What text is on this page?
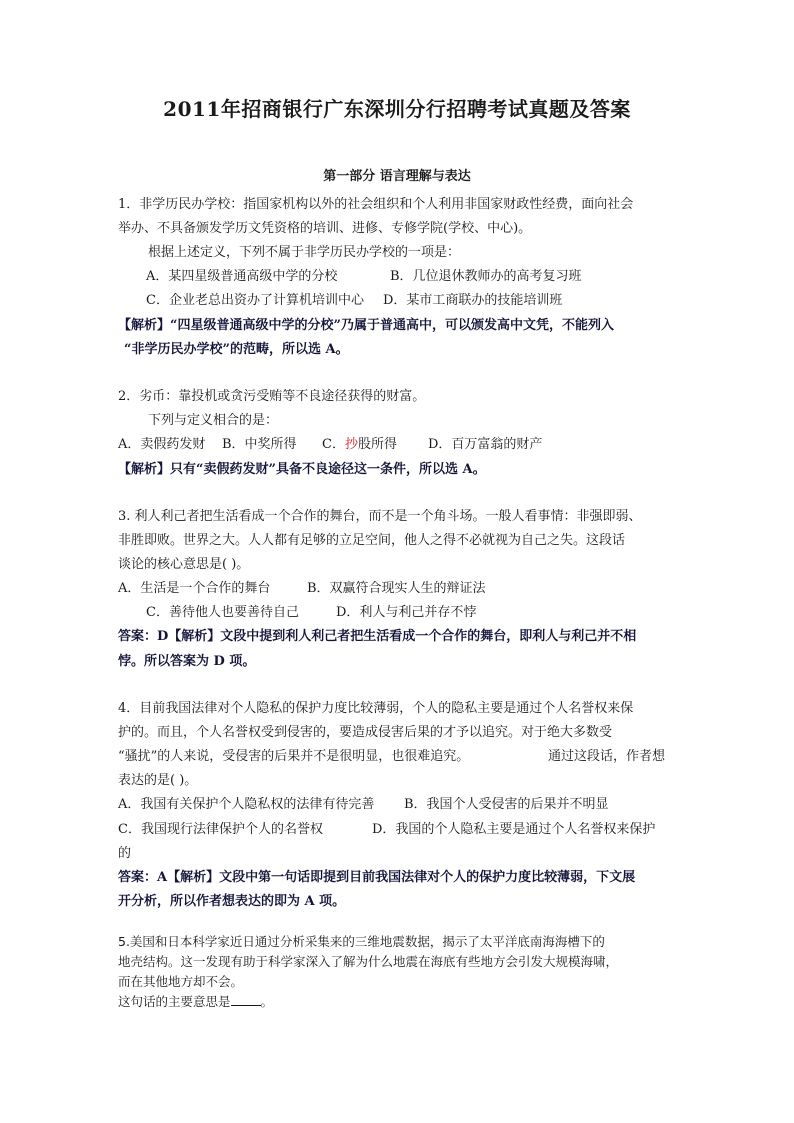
2011年招商银行广东深圳分行招聘考试真题及答案
第一部分 语言理解与表达
1．非学历民办学校：指国家机构以外的社会组织和个人利用非国家财政性经费，面向社会
举办、不具备颁发学历文凭资格的培训、进修、专修学院(学校、中心)。
根据上述定义，下列不属于非学历民办学校的一项是：
A．某四星级普通高级中学的分校	B．几位退休教师办的高考复习班
C．企业老总出资办了计算机培训中心 D．某市工商联办的技能培训班
【解析】“四星级普通高级中学的分校”乃属于普通高中，可以颁发高中文凭，不能列入
“非学历民办学校”的范畴，所以选 A。
2．劣币：靠投机或贪污受贿等不良途径获得的财富。
下列与定义相合的是：
A．卖假药发财 B．中奖所得 C．抄股所得 D．百万富翁的财产
【解析】只有“卖假药发财”具备不良途径这一条件，所以选 A。
3. 利人利己者把生活看成一个合作的舞台，而不是一个角斗场。一般人看事情：非强即弱、
非胜即败。世界之大。人人都有足够的立足空间，他人之得不必就视为自己之失。这段话
谈论的核心意思是( )。
A．生活是一个合作的舞台	B．双赢符合现实人生的辩证法
C．善待他人也要善待自己	D．利人与利己并存不悖
答案：D【解析】文段中提到利人利己者把生活看成一个合作的舞台，即利人与利己并不相
悖。所以答案为 D 项。
4．目前我国法律对个人隐私的保护力度比较薄弱，个人的隐私主要是通过个人名誉权来保
护的。而且，个人名誉权受到侵害的，要造成侵害后果的才予以追究。对于绝大多数受
“骚扰”的人来说，受侵害的后果并不是很明显，也很难追究。	通过这段话，作者想
表达的是( )。
A．我国有关保护个人隐私权的法律有待完善 B．我国个人受侵害的后果并不明显
C．我国现行法律保护个人的名誉权	D．我国的个人隐私主要是通过个人名誉权来保护
的
答案：A【解析】文段中第一句话即提到目前我国法律对个人的保护力度比较薄弱，下文展
开分析，所以作者想表达的即为 A 项。
5.美国和日本科学家近日通过分析采集来的三维地震数据，揭示了太平洋底南海海槽下的
地壳结构。这一发现有助于科学家深入了解为什么地震在海底有些地方会引发大规模海啸，
而在其他地方却不会。
这句话的主要意思是 。
